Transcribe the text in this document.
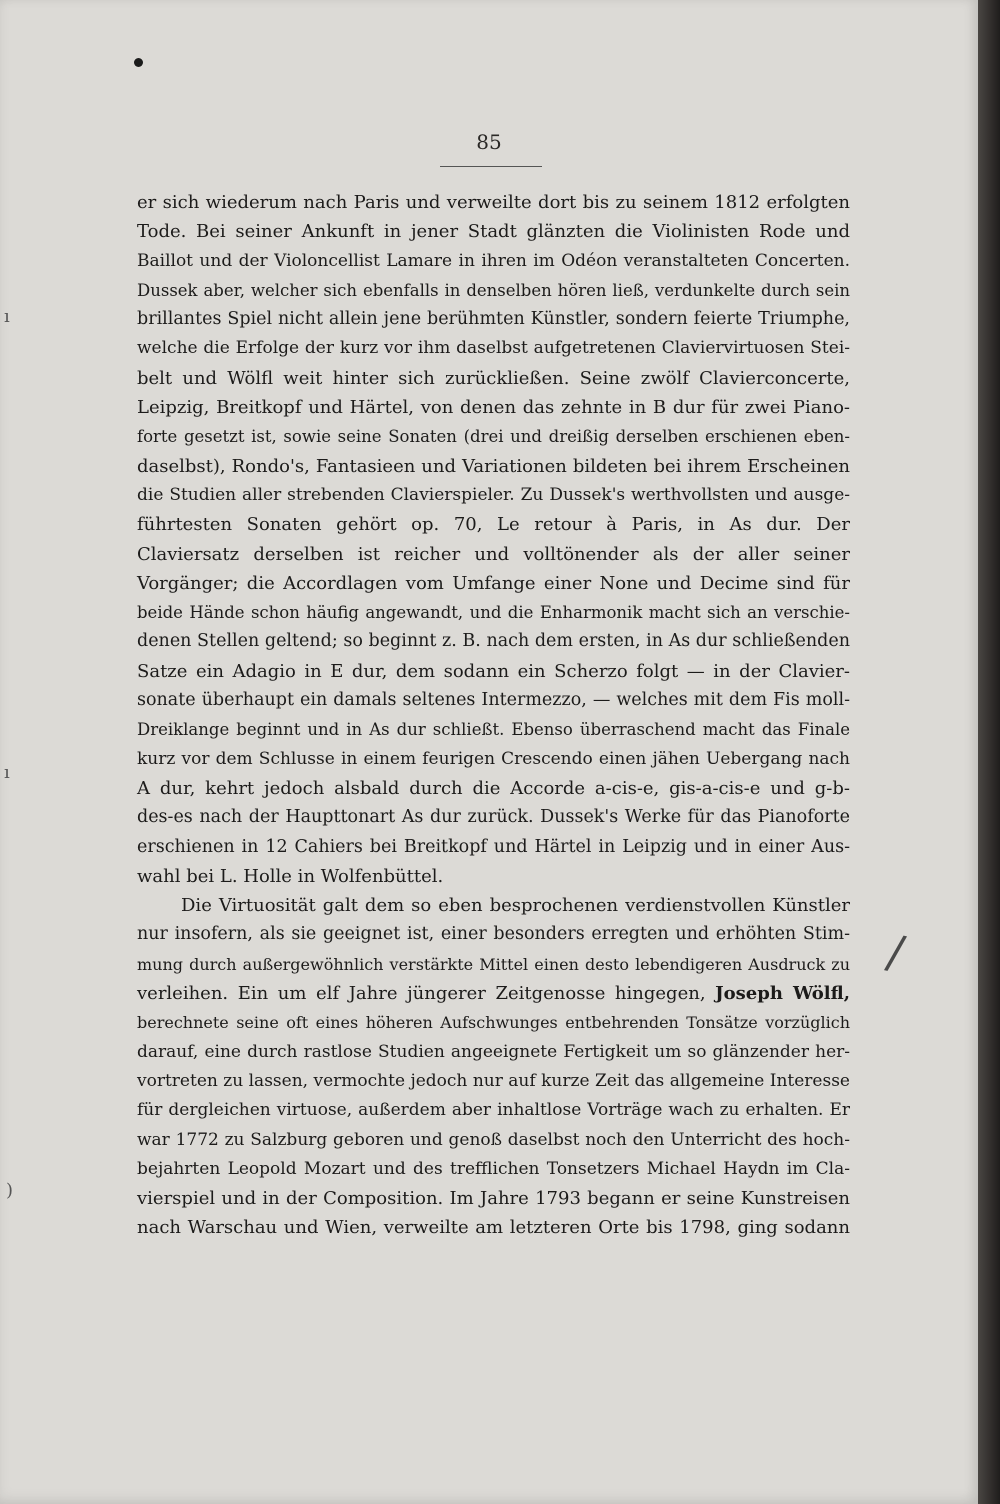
85
ı
ı
)
/
er sich wiederum nach Paris und verweilte dort bis zu seinem 1812 erfolgten
Tode. Bei seiner Ankunft in jener Stadt glänzten die Violinisten Rode und
Baillot und der Violoncellist Lamare in ihren im Odéon veranstalteten Concerten.
Dussek aber, welcher sich ebenfalls in denselben hören ließ, verdunkelte durch sein
brillantes Spiel nicht allein jene berühmten Künstler, sondern feierte Triumphe,
welche die Erfolge der kurz vor ihm daselbst aufgetretenen Claviervirtuosen Stei-
belt und Wölfl weit hinter sich zurückließen. Seine zwölf Clavierconcerte,
Leipzig, Breitkopf und Härtel, von denen das zehnte in B dur für zwei Piano-
forte gesetzt ist, sowie seine Sonaten (drei und dreißig derselben erschienen eben-
daselbst), Rondo's, Fantasieen und Variationen bildeten bei ihrem Erscheinen
die Studien aller strebenden Clavierspieler. Zu Dussek's werthvollsten und ausge-
führtesten Sonaten gehört op. 70, Le retour à Paris, in As dur. Der
Claviersatz derselben ist reicher und volltönender als der aller seiner
Vorgänger; die Accordlagen vom Umfange einer None und Decime sind für
beide Hände schon häufig angewandt, und die Enharmonik macht sich an verschie-
denen Stellen geltend; so beginnt z. B. nach dem ersten, in As dur schließenden
Satze ein Adagio in E dur, dem sodann ein Scherzo folgt — in der Clavier-
sonate überhaupt ein damals seltenes Intermezzo, — welches mit dem Fis moll-
Dreiklange beginnt und in As dur schließt. Ebenso überraschend macht das Finale
kurz vor dem Schlusse in einem feurigen Crescendo einen jähen Uebergang nach
A dur, kehrt jedoch alsbald durch die Accorde a-cis-e, gis-a-cis-e und g-b-
des-es nach der Haupttonart As dur zurück. Dussek's Werke für das Pianoforte
erschienen in 12 Cahiers bei Breitkopf und Härtel in Leipzig und in einer Aus-
wahl bei L. Holle in Wolfenbüttel.
Die Virtuosität galt dem so eben besprochenen verdienstvollen Künstler
nur insofern, als sie geeignet ist, einer besonders erregten und erhöhten Stim-
mung durch außergewöhnlich verstärkte Mittel einen desto lebendigeren Ausdruck zu
verleihen. Ein um elf Jahre jüngerer Zeitgenosse hingegen, Joseph Wölfl,
berechnete seine oft eines höheren Aufschwunges entbehrenden Tonsätze vorzüglich
darauf, eine durch rastlose Studien angeeignete Fertigkeit um so glänzender her-
vortreten zu lassen, vermochte jedoch nur auf kurze Zeit das allgemeine Interesse
für dergleichen virtuose, außerdem aber inhaltlose Vorträge wach zu erhalten. Er
war 1772 zu Salzburg geboren und genoß daselbst noch den Unterricht des hoch-
bejahrten Leopold Mozart und des trefflichen Tonsetzers Michael Haydn im Cla-
vierspiel und in der Composition. Im Jahre 1793 begann er seine Kunstreisen
nach Warschau und Wien, verweilte am letzteren Orte bis 1798, ging sodann
